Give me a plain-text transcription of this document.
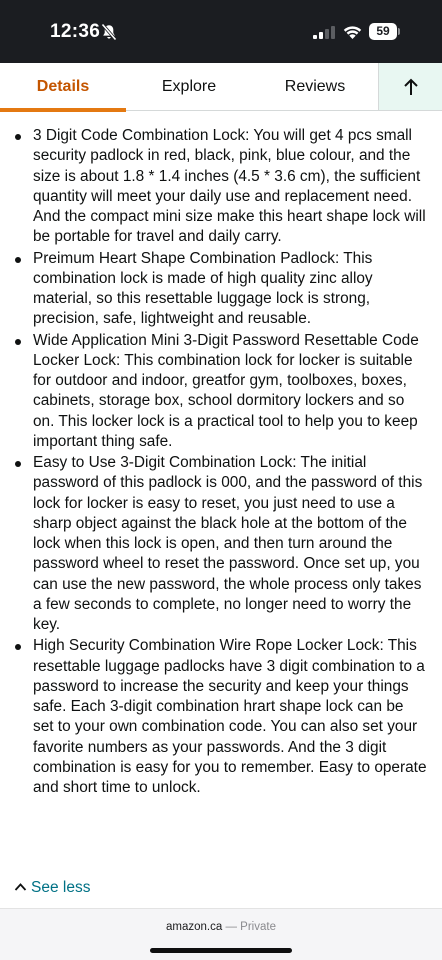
12:36	59
Details	Explore	Reviews
3 Digit Code Combination Lock: You will get 4 pcs small security padlock in red, black, pink, blue colour, and the size is about 1.8 * 1.4 inches (4.5 * 3.6 cm), the sufficient quantity will meet your daily use and replacement need. And the compact mini size make this heart shape lock will be portable for travel and daily carry.
Preimum Heart Shape Combination Padlock: This combination lock is made of high quality zinc alloy material, so this resettable luggage lock is strong, precision, safe, lightweight and reusable.
Wide Application Mini 3-Digit Password Resettable Code Locker Lock: This combination lock for locker is suitable for outdoor and indoor, greatfor gym, toolboxes, boxes, cabinets, storage box, school dormitory lockers and so on. This locker lock is a practical tool to help you to keep important thing safe.
Easy to Use 3-Digit Combination Lock: The initial password of this padlock is 000, and the password of this lock for locker is easy to reset, you just need to use a sharp object against the black hole at the bottom of the lock when this lock is open, and then turn around the password wheel to reset the password. Once set up, you can use the new password, the whole process only takes a few seconds to complete, no longer need to worry the key.
High Security Combination Wire Rope Locker Lock: This resettable luggage padlocks have 3 digit combination to a password to increase the security and keep your things safe. Each 3-digit combination hrart shape lock can be set to your own combination code. You can also set your favorite numbers as your passwords. And the 3 digit combination is easy for you to remember. Easy to operate and short time to unlock.
See less
amazon.ca — Private
